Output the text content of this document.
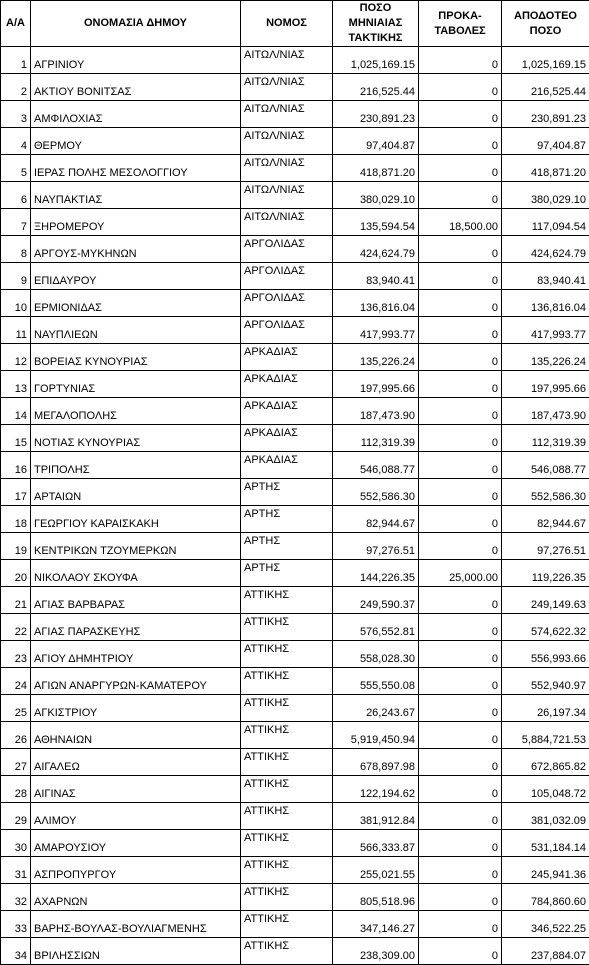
A/A	ΟΝΟΜΑΣΙΑ ΔΗΜΟΥ	ΝΟΜΟΣ	ΠΟΣΟ ΜΗΝΙΑΙΑΣ ΤΑΚΤΙΚΗΣ	ΠΡΟΚΑ-ΤΑΒΟΛΕΣ	ΑΠΟΔΟΤΕΟ ΠΟΣΟ
1	ΑΓΡΙΝΙΟΥ	ΑΙΤΩΛ/ΝΙΑΣ	1,025,169.15	0	1,025,169.15
2	ΑΚΤΙΟΥ ΒΟΝΙΤΣΑΣ	ΑΙΤΩΛ/ΝΙΑΣ	216,525.44	0	216,525.44
3	ΑΜΦΙΛΟΧΙΑΣ	ΑΙΤΩΛ/ΝΙΑΣ	230,891.23	0	230,891.23
4	ΘΕΡΜΟΥ	ΑΙΤΩΛ/ΝΙΑΣ	97,404.87	0	97,404.87
5	ΙΕΡΑΣ ΠΟΛΗΣ ΜΕΣΟΛΟΓΓΙΟΥ	ΑΙΤΩΛ/ΝΙΑΣ	418,871.20	0	418,871.20
6	ΝΑΥΠΑΚΤΙΑΣ	ΑΙΤΩΛ/ΝΙΑΣ	380,029.10	0	380,029.10
7	ΞΗΡΟΜΕΡΟΥ	ΑΙΤΩΛ/ΝΙΑΣ	135,594.54	18,500.00	117,094.54
8	ΑΡΓΟΥΣ-ΜΥΚΗΝΩΝ	ΑΡΓΟΛΙΔΑΣ	424,624.79	0	424,624.79
9	ΕΠΙΔΑΥΡΟΥ	ΑΡΓΟΛΙΔΑΣ	83,940.41	0	83,940.41
10	ΕΡΜΙΟΝΙΔΑΣ	ΑΡΓΟΛΙΔΑΣ	136,816.04	0	136,816.04
11	ΝΑΥΠΛΙΕΩΝ	ΑΡΓΟΛΙΔΑΣ	417,993.77	0	417,993.77
12	ΒΟΡΕΙΑΣ ΚΥΝΟΥΡΙΑΣ	ΑΡΚΑΔΙΑΣ	135,226.24	0	135,226.24
13	ΓΟΡΤΥΝΙΑΣ	ΑΡΚΑΔΙΑΣ	197,995.66	0	197,995.66
14	ΜΕΓΑΛΟΠΟΛΗΣ	ΑΡΚΑΔΙΑΣ	187,473.90	0	187,473.90
15	ΝΟΤΙΑΣ ΚΥΝΟΥΡΙΑΣ	ΑΡΚΑΔΙΑΣ	112,319.39	0	112,319.39
16	ΤΡΙΠΟΛΗΣ	ΑΡΚΑΔΙΑΣ	546,088.77	0	546,088.77
17	ΑΡΤΑΙΩΝ	ΑΡΤΗΣ	552,586.30	0	552,586.30
18	ΓΕΩΡΓΙΟΥ ΚΑΡΑΙΣΚΑΚΗ	ΑΡΤΗΣ	82,944.67	0	82,944.67
19	ΚΕΝΤΡΙΚΩΝ ΤΖΟΥΜΕΡΚΩΝ	ΑΡΤΗΣ	97,276.51	0	97,276.51
20	ΝΙΚΟΛΑΟΥ ΣΚΟΥΦΑ	ΑΡΤΗΣ	144,226.35	25,000.00	119,226.35
21	ΑΓΙΑΣ ΒΑΡΒΑΡΑΣ	ΑΤΤΙΚΗΣ	249,590.37	0	249,149.63
22	ΑΓΙΑΣ ΠΑΡΑΣΚΕΥΗΣ	ΑΤΤΙΚΗΣ	576,552.81	0	574,622.32
23	ΑΓΙΟΥ ΔΗΜΗΤΡΙΟΥ	ΑΤΤΙΚΗΣ	558,028.30	0	556,993.66
24	ΑΓΙΩΝ ΑΝΑΡΓΥΡΩΝ-ΚΑΜΑΤΕΡΟΥ	ΑΤΤΙΚΗΣ	555,550.08	0	552,940.97
25	ΑΓΚΙΣΤΡΙΟΥ	ΑΤΤΙΚΗΣ	26,243.67	0	26,197.34
26	ΑΘΗΝΑΙΩΝ	ΑΤΤΙΚΗΣ	5,919,450.94	0	5,884,721.53
27	ΑΙΓΑΛΕΩ	ΑΤΤΙΚΗΣ	678,897.98	0	672,865.82
28	ΑΙΓΙΝΑΣ	ΑΤΤΙΚΗΣ	122,194.62	0	105,048.72
29	ΑΛΙΜΟΥ	ΑΤΤΙΚΗΣ	381,912.84	0	381,032.09
30	ΑΜΑΡΟΥΣΙΟΥ	ΑΤΤΙΚΗΣ	566,333.87	0	531,184.14
31	ΑΣΠΡΟΠΥΡΓΟΥ	ΑΤΤΙΚΗΣ	255,021.55	0	245,941.36
32	ΑΧΑΡΝΩΝ	ΑΤΤΙΚΗΣ	805,518.96	0	784,860.60
33	ΒΑΡΗΣ-ΒΟΥΛΑΣ-ΒΟΥΛΙΑΓΜΕΝΗΣ	ΑΤΤΙΚΗΣ	347,146.27	0	346,522.25
34	ΒΡΙΛΗΣΣΙΩΝ	ΑΤΤΙΚΗΣ	238,309.00	0	237,884.07
